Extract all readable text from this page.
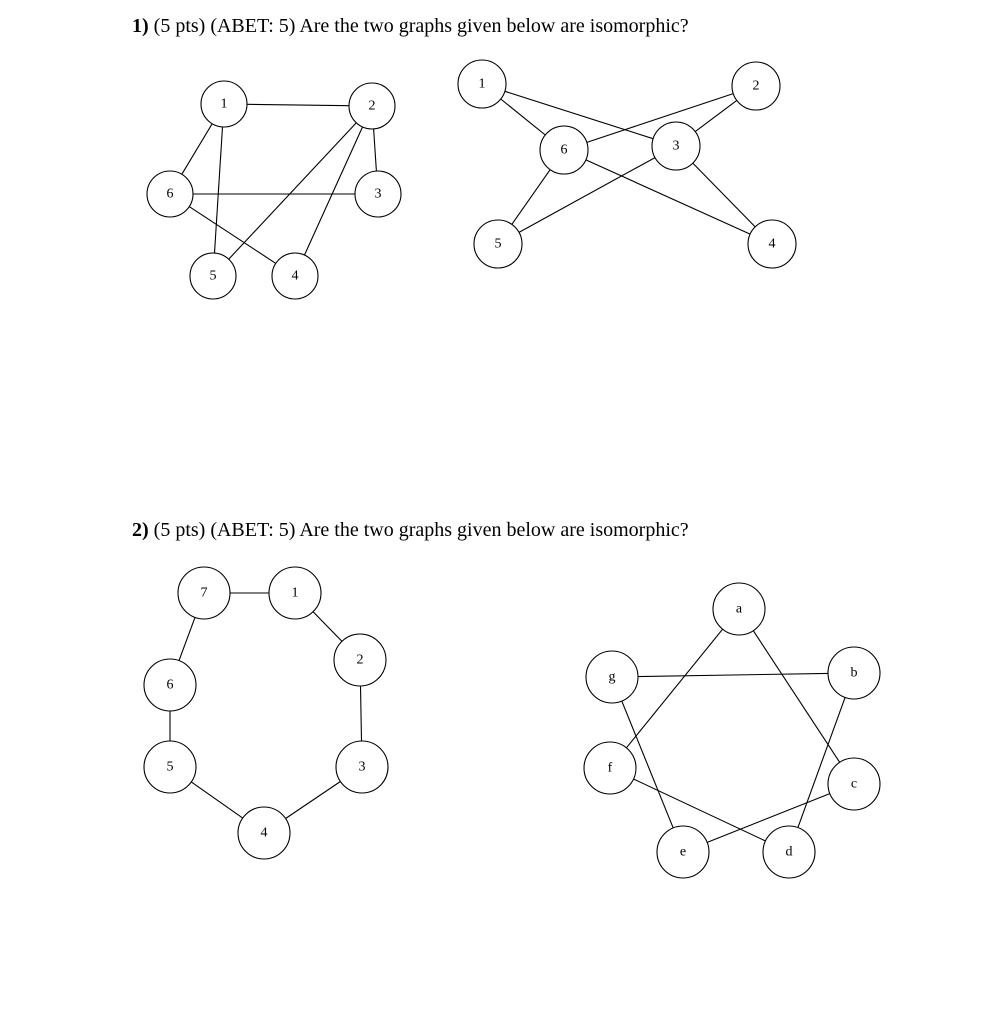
1) (5 pts) (ABET: 5) Are the two graphs given below are isomorphic?
2) (5 pts) (ABET: 5) Are the two graphs given below are isomorphic?
1	2
3
4
5
6
1	2
3
4
5
6
7	1
2
3
4
5
6
a
b
c
d
e
f
g
